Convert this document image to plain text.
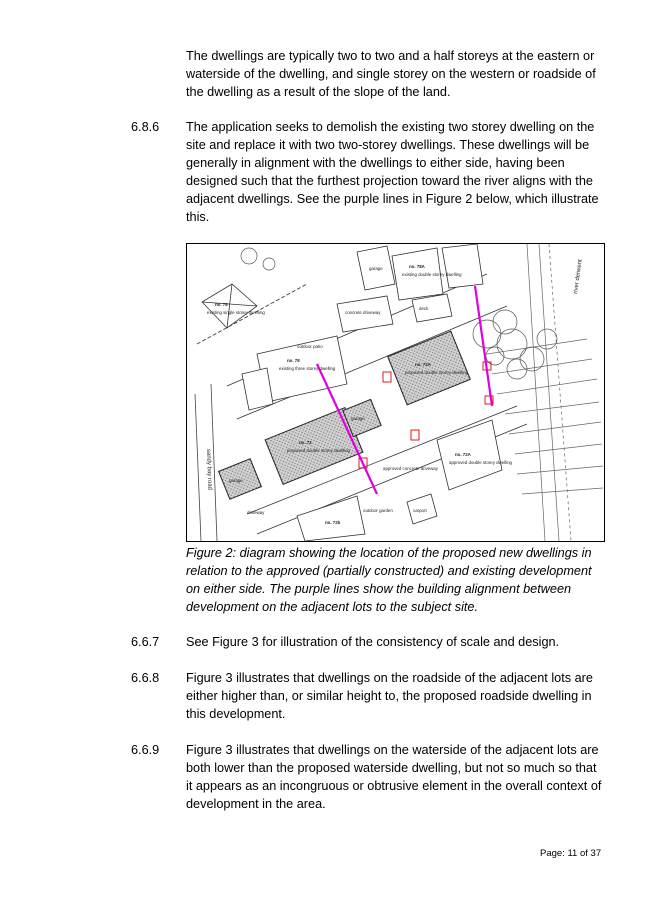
The dwellings are typically two to two and a half storeys at the eastern or waterside of the dwelling, and single storey on the western or roadside of the dwelling as a result of the slope of the land.

6.8.6 The application seeks to demolish the existing two storey dwelling on the site and replace it with two two-storey dwellings. These dwellings will be generally in alignment with the dwellings to either side, having been designed such that the furthest projection toward the river aligns with the adjacent dwellings. See the purple lines in Figure 2 below, which illustrate this.

river derwent
sandy bay road
garage	no. 78A
existing double storey dwelling
concrete driveway
deck
no. 78
existing single storey dwelling
outdoor patio
no. 78
existing three storey dwelling
no. 72A
proposed double storey dwelling
no. 72
proposed double storey dwelling
garage
garage
no. 72A
approved double storey dwelling
approved concrete driveway
carport
no. 72b
outdoor garden
driveway

Figure 2: diagram showing the location of the proposed new dwellings in relation to the approved (partially constructed) and existing development on either side. The purple lines show the building alignment between development on the adjacent lots to the subject site.

6.6.7 See Figure 3 for illustration of the consistency of scale and design.

6.6.8 Figure 3 illustrates that dwellings on the roadside of the adjacent lots are either higher than, or similar height to, the proposed roadside dwelling in this development.

6.6.9 Figure 3 illustrates that dwellings on the waterside of the adjacent lots are both lower than the proposed waterside dwelling, but not so much so that it appears as an incongruous or obtrusive element in the overall context of development in the area.

Page: 11 of 37
